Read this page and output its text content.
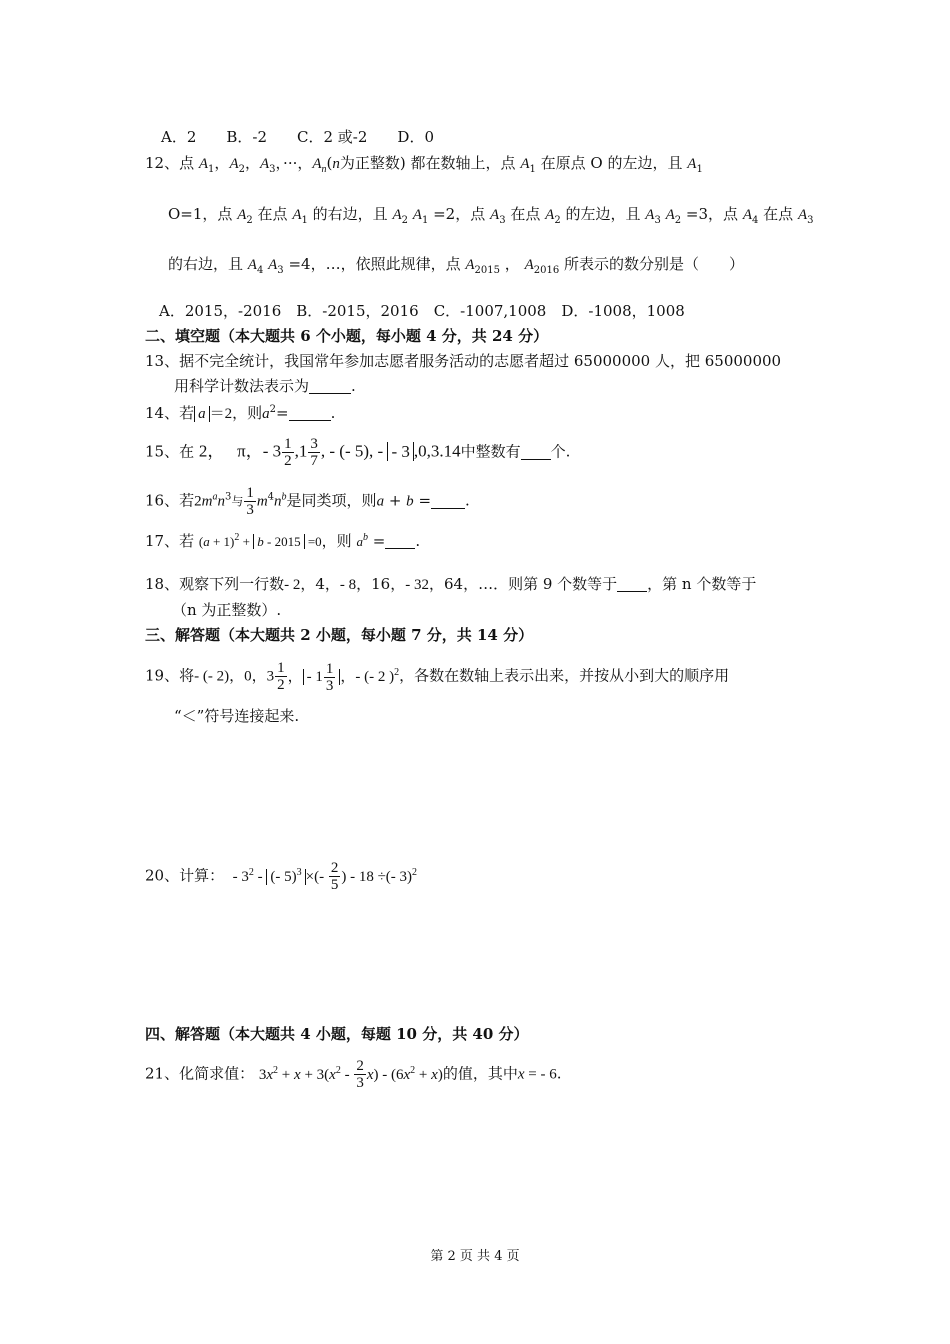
A．2　　B．-2　　C．2 或-2　　D．0
12、点 $A_1$，$A_2$，$A_3$，···，$A_n(n$为正整数) 都在数轴上，点 $A_1$ 在原点 O 的左边，且 $A_1$
O=1，点 $A_2$ 在点 $A_1$ 的右边，且 $A_2$ $A_1 =2$，点 $A_3$ 在点 $A_2$ 的左边，且 $A_3$ $A_2 =3$，点 $A_4$ 在点 $A_3$
的右边，且 $A_4$ $A_3 =4$，…，依照此规律，点 $A_{2015}$ ， $A_{2016}$ 所表示的数分别是（　　）
A．2015，-2016　B．-2015，2016　C．-1007,1008　D．-1008，1008
二、填空题（本大题共 6 个小题，每小题 4 分，共 24 分）
13、据不完全统计，我国常年参加志愿者服务活动的志愿者超过 65000000 人，把 65000000
用科学计数法表示为	.
14、若 a ＝2，则$a^2=$	.
15、在 2，   π，- $3 \frac{1}{2} ,1 \frac{3}{7}$ , - (- 5), - - 3 ,0,3.14中整数有 个.
16、若$2m^an^3$与 $\frac{1}{3} m^4n^b$是同类项，则a + b = .
17、若 $(a + 1)^2 + b - 2015 =0$，则 $a^b$ = .
18、观察下列一行数- 2，4，- 8，16，- 32，64，…．则第 9 个数等于 ，第 n 个数等于
（n 为正整数）.
三、解答题（本大题共 2 小题，每小题 7 分，共 14 分）
19、将- (- 2)，0，$3 \frac{1}{2}$ ， - $1 \frac{1}{3}$ ，- (- 2 )$^2$，各数在数轴上表示出来，并按从小到大的顺序用
“＜”符号连接起来.
20、计算：  - $3^2$ - (- 5)$^3$ ×(- $\frac{2}{5}$ ) - 18 ÷(- 3)$^2$
四、解答题（本大题共 4 小题，每题 10 分，共 40 分）
21、化简求值： $3x^2 + x + 3(x^2 - \frac{2}{3} x) - (6x^2 + x)$的值，其中x = - 6.
第 2 页 共 4 页
